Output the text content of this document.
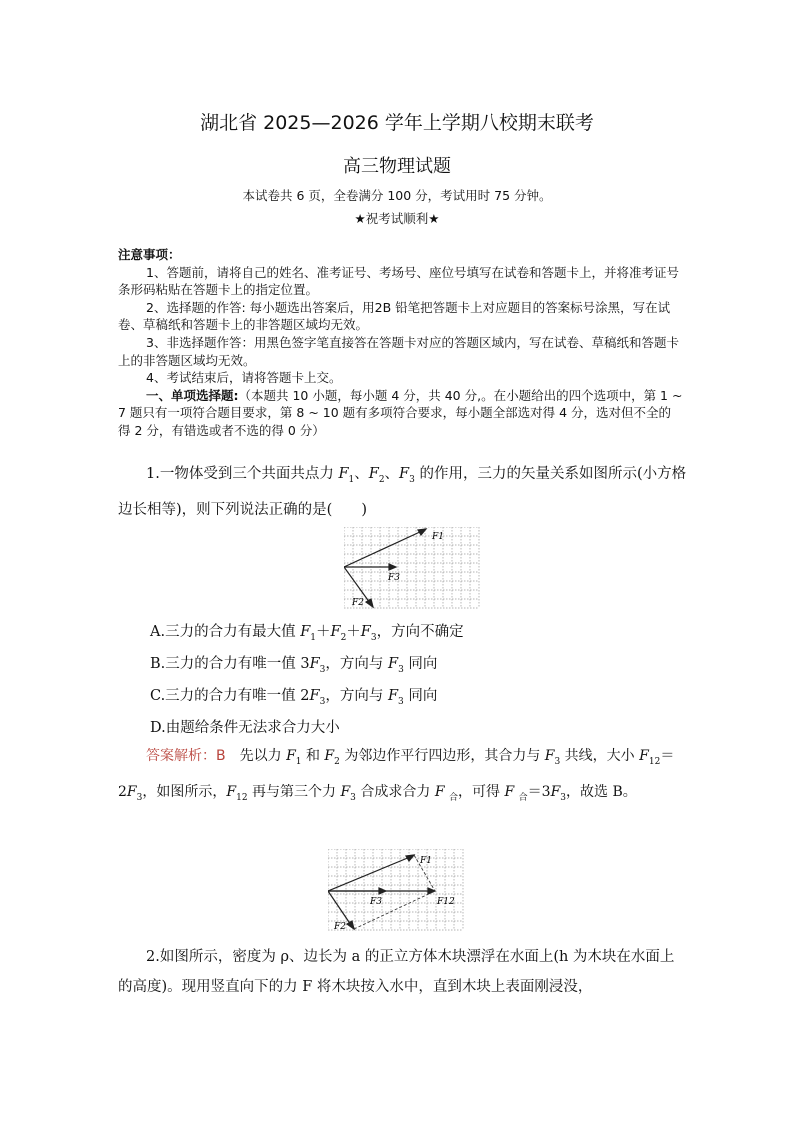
湖北省 2025—2026 学年上学期八校期末联考
高三物理试题
本试卷共 6 页，全卷满分 100 分，考试用时 75 分钟。
★祝考试顺利★

注意事项：

1、答题前，请将自己的姓名、准考证号、考场号、座位号填写在试卷和答题卡上，并将准考证号条形码粘贴在答题卡上的指定位置。

2、选择题的作答: 每小题选出答案后，用2B 铅笔把答题卡上对应题目的答案标号涂黑，写在试卷、草稿纸和答题卡上的非答题区域均无效。

3、非选择题作答：用黑色签字笔直接答在答题卡对应的答题区域内，写在试卷、草稿纸和答题卡上的非答题区域均无效。

4、考试结束后，请将答题卡上交。

一、单项选择题:（本题共 10 小题，每小题 4 分，共 40 分,。在小题给出的四个选项中，第 1 ~ 7 题只有一项符合题目要求，第 8 ~ 10 题有多项符合要求，每小题全部选对得 4 分，选对但不全的得 2 分，有错选或者不选的得 0 分）

1.一物体受到三个共面共点力 $F_1$、$F_2$、$F_3$ 的作用，三力的矢量关系如图所示(小方格边长相等)，则下列说法正确的是(　　)

F1
F3
F2
A.三力的合力有最大值 $F_1+F_2+F_3$，方向不确定
B.三力的合力有唯一值 $3F_3$，方向与 $F_3$ 同向
C.三力的合力有唯一值 $2F_3$，方向与 $F_3$ 同向
D.由题给条件无法求合力大小

答案解析：B　 先以力 $F_1$ 和 $F_2$ 为邻边作平行四边形，其合力与 $F_3$ 共线，大小 $F_{12}=2F_3$，如图所示，$F_{12}$ 再与第三个力 $F_3$ 合成求合力 F $_合$，可得 F $_合=3F_3$，故选 B。

F1
F3	F12
F2

2.如图所示，密度为 ρ、边长为 a 的正立方体木块漂浮在水面上(h 为木块在水面上的高度)。现用竖直向下的力 F 将木块按入水中，直到木块上表面刚浸没，
